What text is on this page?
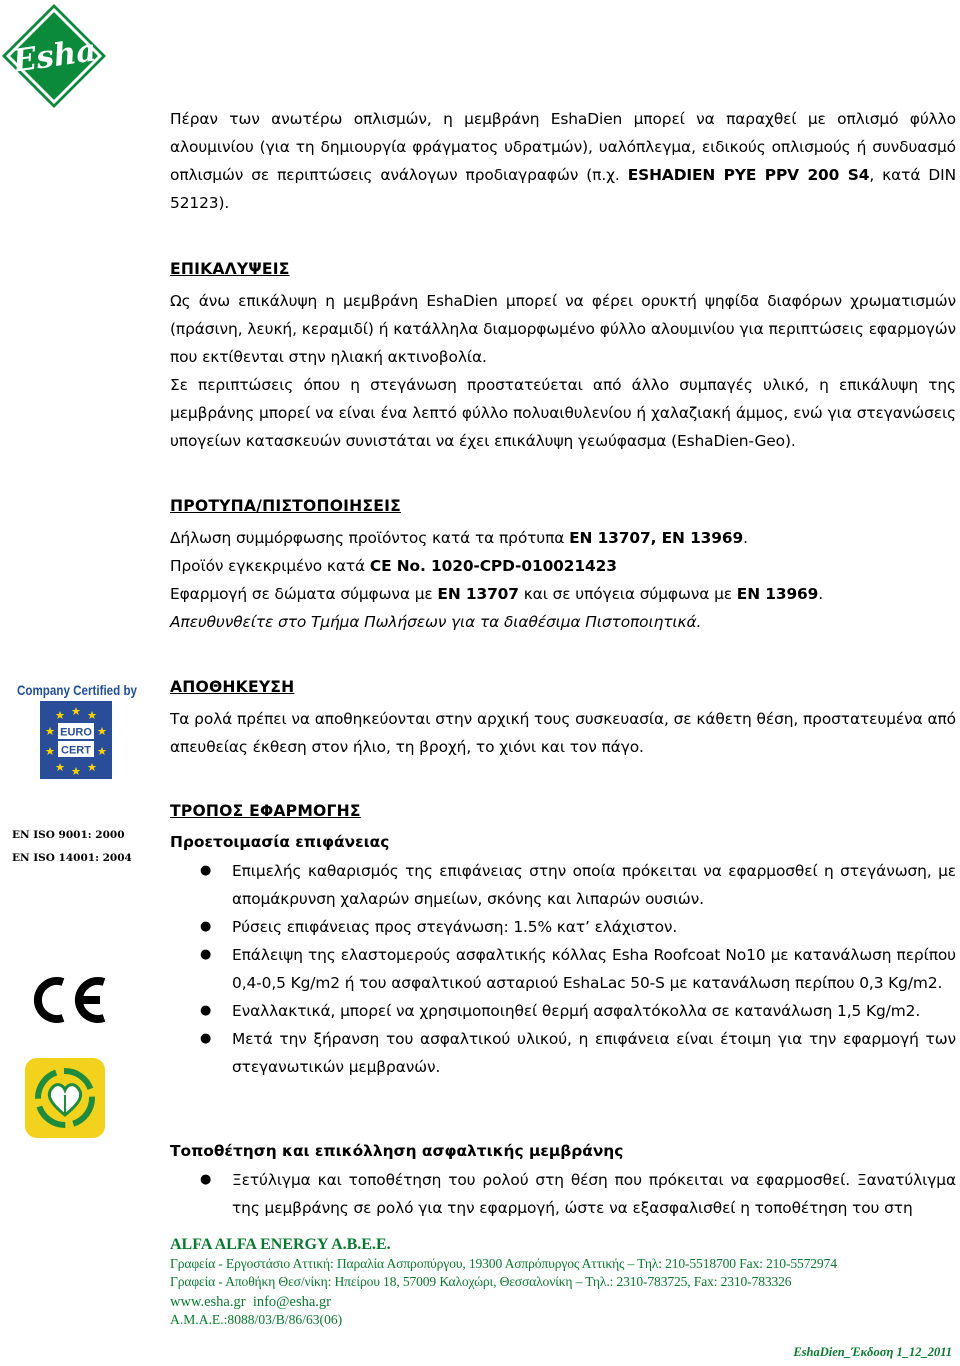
Esha

Πέραν των ανωτέρω οπλισμών, η μεμβράνη EshaDien μπορεί να παραχθεί με οπλισμό φύλλο αλουμινίου (για τη δημιουργία φράγματος υδρατμών), υαλόπλεγμα, ειδικούς οπλισμούς ή συνδυασμό οπλισμών σε περιπτώσεις ανάλογων προδιαγραφών (π.χ. ESHADIEN PYE PPV 200 S4, κατά DIN 52123).

ΕΠΙΚΑΛΥΨΕΙΣ

Ως άνω επικάλυψη η μεμβράνη EshaDien μπορεί να φέρει ορυκτή ψηφίδα διαφόρων χρωματισμών (πράσινη, λευκή, κεραμιδί) ή κατάλληλα διαμορφωμένο φύλλο αλουμινίου για περιπτώσεις εφαρμογών που εκτίθενται στην ηλιακή ακτινοβολία.

Σε περιπτώσεις όπου η στεγάνωση προστατεύεται από άλλο συμπαγές υλικό, η επικάλυψη της μεμβράνης μπορεί να είναι ένα λεπτό φύλλο πολυαιθυλενίου ή χαλαζιακή άμμος, ενώ για στεγανώσεις υπογείων κατασκευών συνιστάται να έχει επικάλυψη γεωύφασμα (EshaDien-Geo).

ΠΡΟΤΥΠΑ/ΠΙΣΤΟΠΟΙΗΣΕΙΣ

Δήλωση συμμόρφωσης προϊόντος κατά τα πρότυπα EN 13707, EN 13969.

Προϊόν εγκεκριμένο κατά CE No. 1020-CPD-010021423

Εφαρμογή σε δώματα σύμφωνα με EN 13707 και σε υπόγεια σύμφωνα με EN 13969.

Απευθυνθείτε στο Τμήμα Πωλήσεων για τα διαθέσιμα Πιστοποιητικά.

ΑΠΟΘΗΚΕΥΣΗ
Τα ρολά πρέπει να αποθηκεύονται στην αρχική τους συσκευασία, σε κάθετη θέση, προστατευμένα από απευθείας έκθεση στον ήλιο, τη βροχή, το χιόνι και τον πάγο.
Company Certified by
EURO
CERT
EN ISO 9001: 2000
EN ISO 14001: 2004
ΤΡΟΠΟΣ ΕΦΑΡΜΟΓΗΣ
Προετοιμασία επιφάνειας
● Επιμελής καθαρισμός της επιφάνειας στην οποία πρόκειται να εφαρμοσθεί η στεγάνωση, με απομάκρυνση χαλαρών σημείων, σκόνης και λιπαρών ουσιών.
● Ρύσεις επιφάνειας προς στεγάνωση: 1.5% κατ’ ελάχιστον.
● Επάλειψη της ελαστομερούς ασφαλτικής κόλλας Esha Roofcoat No10 με κατανάλωση περίπου 0,4-0,5 Kg/m2 ή του ασφαλτικού ασταριού EshaLac 50-S με κατανάλωση περίπου 0,3 Kg/m2.
● Εναλλακτικά, μπορεί να χρησιμοποιηθεί θερμή ασφαλτόκολλα σε κατανάλωση 1,5 Kg/m2.
● Μετά την ξήρανση του ασφαλτικού υλικού, η επιφάνεια είναι έτοιμη για την εφαρμογή των στεγανωτικών μεμβρανών.
Τοποθέτηση και επικόλληση ασφαλτικής μεμβράνης
● Ξετύλιγμα και τοποθέτηση του ρολού στη θέση που πρόκειται να εφαρμοσθεί. Ξανατύλιγμα της μεμβράνης σε ρολό για την εφαρμογή, ώστε να εξασφαλισθεί η τοποθέτηση του στη
ALFA ALFA ENERGY A.B.E.E.
Γραφεία - Εργοστάσιο Αττική: Παραλία Ασπροπύργου, 19300 Ασπρόπυργος Αττικής – Τηλ: 210-5518700 Fax: 210-5572974
Γραφεία - Αποθήκη Θεσ/νίκη: Ηπείρου 18, 57009 Καλοχώρι, Θεσσαλονίκη – Τηλ.: 2310-783725, Fax: 2310-783326
www.esha.gr  info@esha.gr
Α.Μ.Α.Ε.:8088/03/Β/86/63(06)
EshaDien_Έκδοση 1_12_2011
